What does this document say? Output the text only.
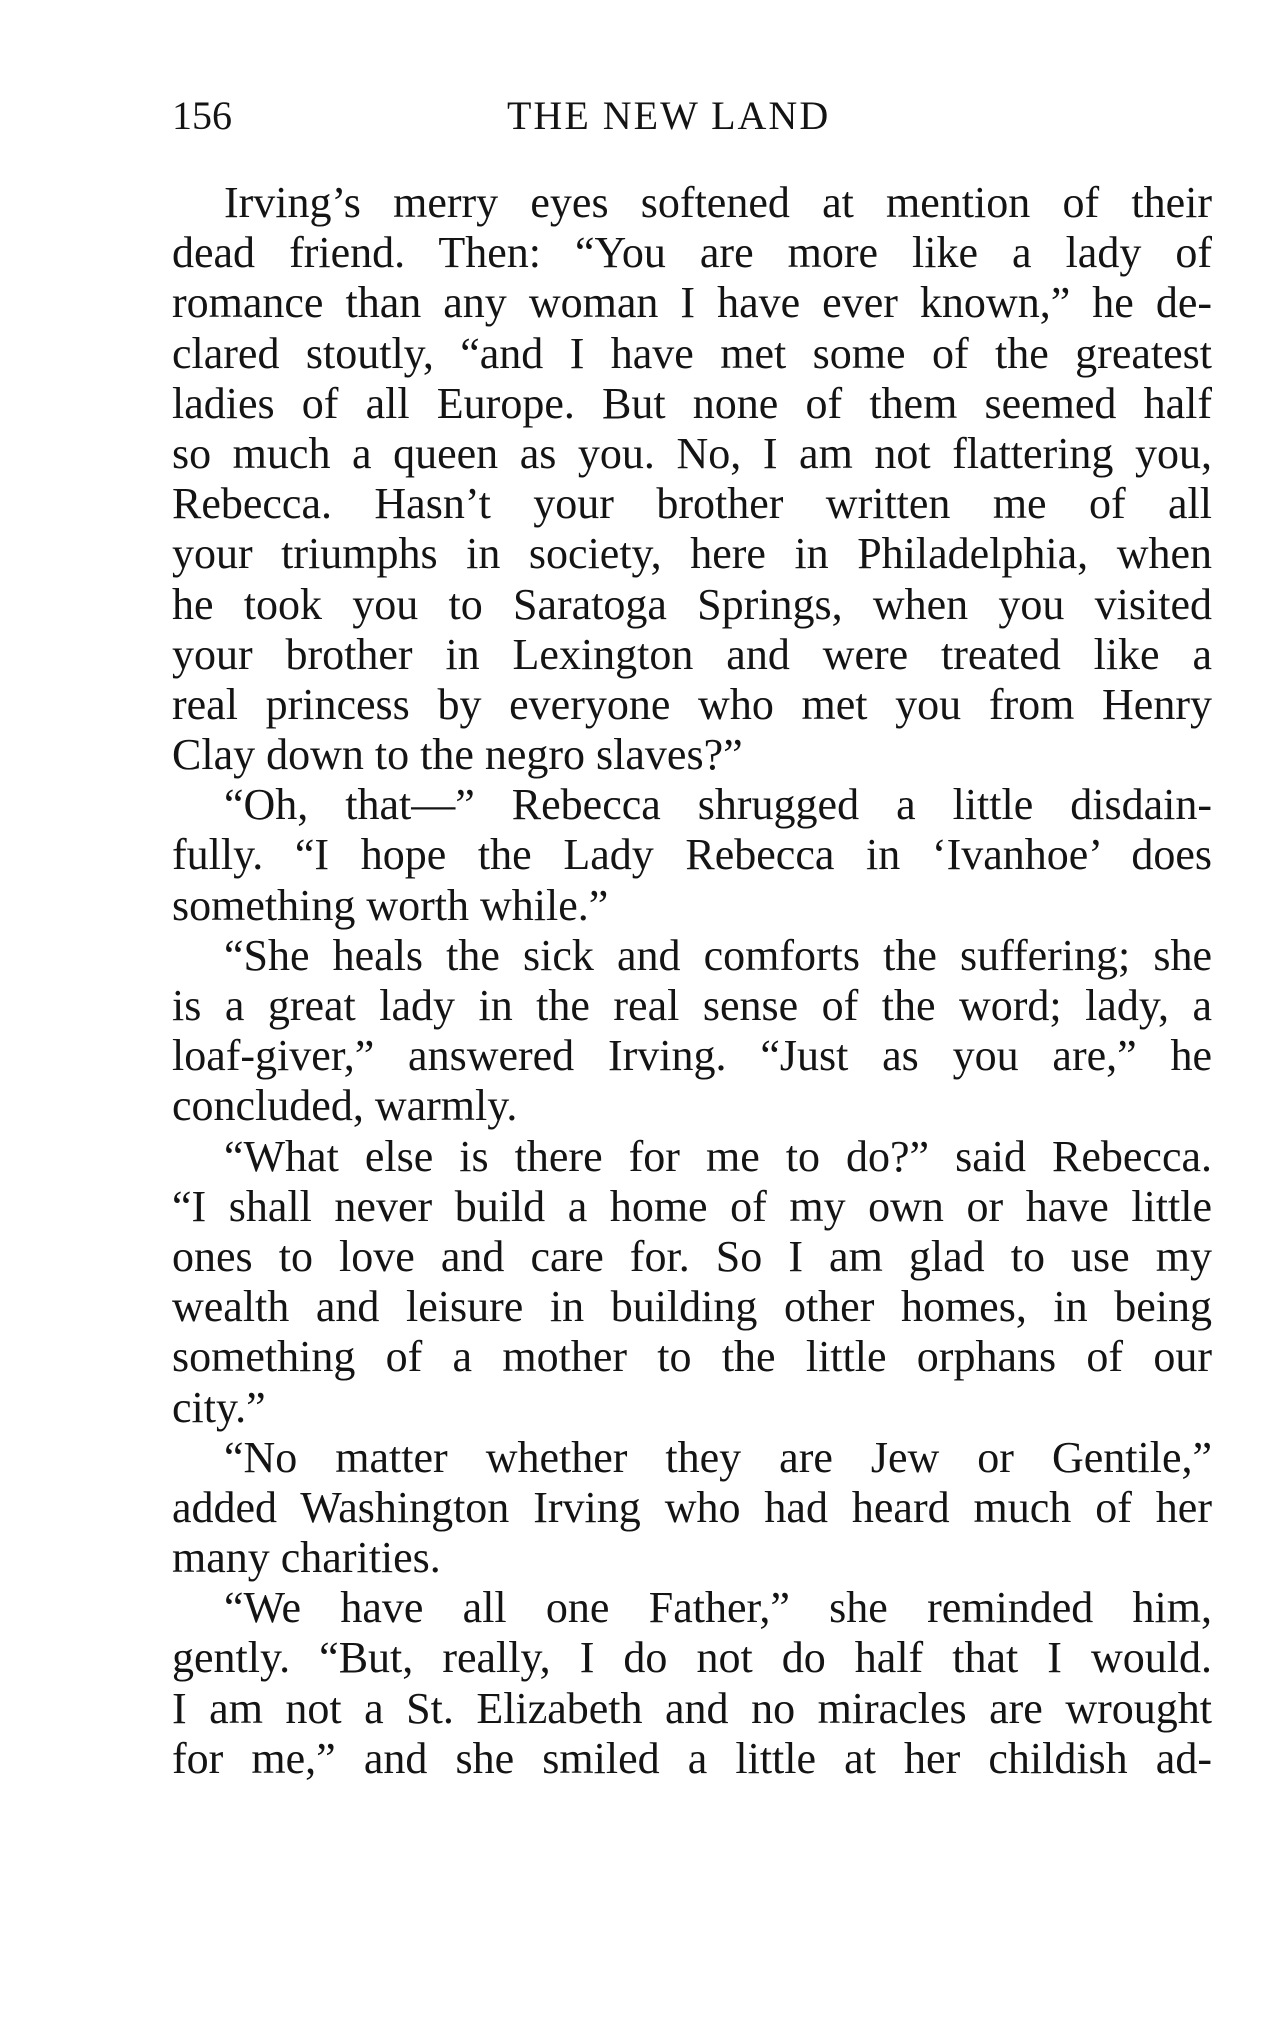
156	THE NEW LAND
Irving’s merry eyes softened at mention of their
dead friend. Then: “You are more like a lady of
romance than any woman I have ever known,” he de-
clared stoutly, “and I have met some of the greatest
ladies of all Europe. But none of them seemed half
so much a queen as you. No, I am not flattering you,
Rebecca. Hasn’t your brother written me of all
your triumphs in society, here in Philadelphia, when
he took you to Saratoga Springs, when you visited
your brother in Lexington and were treated like a
real princess by everyone who met you from Henry
Clay down to the negro slaves?”
“Oh, that—” Rebecca shrugged a little disdain-
fully. “I hope the Lady Rebecca in ‘Ivanhoe’ does
something worth while.”
“She heals the sick and comforts the suffering; she
is a great lady in the real sense of the word; lady, a
loaf-giver,” answered Irving. “Just as you are,” he
concluded, warmly.
“What else is there for me to do?” said Rebecca.
“I shall never build a home of my own or have little
ones to love and care for. So I am glad to use my
wealth and leisure in building other homes, in being
something of a mother to the little orphans of our
city.”
“No matter whether they are Jew or Gentile,”
added Washington Irving who had heard much of her
many charities.
“We have all one Father,” she reminded him,
gently. “But, really, I do not do half that I would.
I am not a St. Elizabeth and no miracles are wrought
for me,” and she smiled a little at her childish ad-
